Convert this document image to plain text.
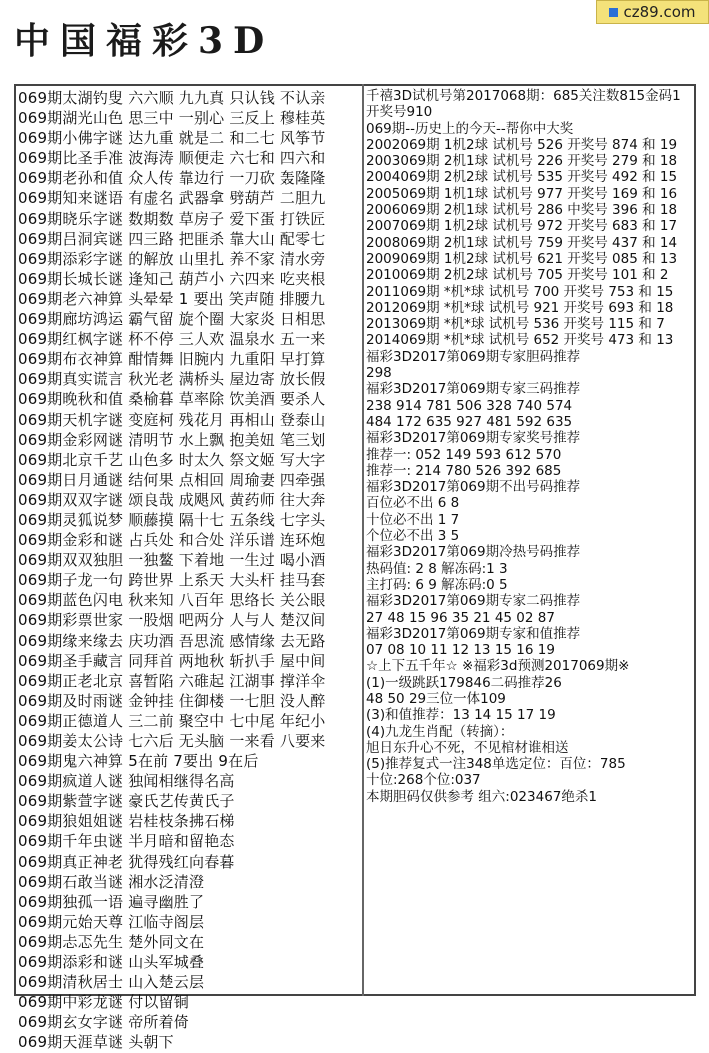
cz89.com
中国福彩3D
069期太湖钓叟 六六顺 九九真 只认钱 不认亲
069期湖光山色 思三中 一别心 三反上 穆桂英
069期小佛字谜 达九重 就是二 和二七 风筝节
069期比圣手准 波海涛 顺便走 六七和 四六和
069期老孙和值 众人传 靠边行 一刀砍 轰隆隆
069期知来谜语 有虚名 武器拿 劈葫芦 二胆九
069期晓乐字谜 数期数 草房子 爱下蛋 打铁匠
069期吕洞宾谜 四三路 把匪杀 靠大山 配零七
069期添彩字谜 的解放 山里扎 养不家 清水旁
069期长城长谜 逢知己 葫芦小 六四来 吃夹根
069期老六神算 头晕晕 1 要出 笑声随 排腰九
069期廊坊鸿运 霸气留 旋个圈 大家炎 日相思
069期红枫字谜 杯不停 三人欢 温泉水 五一来
069期布衣神算 酣情舞 旧腕内 九重阳 早打算
069期真实谎言 秋光老 满桥头 屋边寄 放长假
069期晚秋和值 桑榆暮 草率除 饮美酒 要杀人
069期天机字谜 变庭柯 残花月 再相山 登泰山
069期金彩网谜 清明节 水上飘 抱美妞 笔三划
069期北京千艺 山色多 时太久 祭文姬 写大字
069期日月通谜 结何果 点相回 周瑜妻 四牵强
069期双双字谜 颂良哉 成飓风 黄药师 往大奔
069期灵狐说梦 顺藤摸 隔十七 五条线 七字头
069期金彩和谜 占兵处 和合处 洋乐谱 连环炮
069期双双独胆 一独鳌 下着地 一生过 喝小酒
069期子龙一句 跨世界 上系天 大头杆 挂马套
069期蓝色闪电 秋来知 八百年 思络长 关公眼
069期彩票世家 一股烟 吧两分 人与人 楚汉间
069期缘来缘去 庆功酒 吾思流 感情缘 去无路
069期圣手藏言 同拜首 两地秋 斩扒手 屋中间
069期正老北京 喜暂陷 六碓起 江湖事 撑洋伞
069期及时雨谜 金钟挂 住御楼 一七胆 没人醉
069期正德道人 三二前 聚空中 七中尾 年纪小
069期姜太公诗 七六后 无头脑 一来看 八要来
069期鬼六神算 5在前 7要出 9在后
069期疯道人谜 独闻相继得名高
069期紫萱字谜 豪氏艺传黄氏子
069期狼姐姐谜 岩桂枝条拂石梯
069期千年虫谜 半月暗和留艳态
069期真正神老 犹得残红向春暮
069期石敢当谜 湘水泛清澄
069期独孤一语 遍寻幽胜了
069期元始天尊 江临寺阁层
069期忐忑先生 楚外同文在
069期添彩和谜 山头军城叠
069期清秋居士 山入楚云层
069期中彩龙谜 付以留铜
069期玄女字谜 帝所着倚
069期天涯草谜 头朝下
千禧3D试机号第2017068期：685关注数815金码1
开奖号910
069期--历史上的今天--帮你中大奖
2002069期 1机2球 试机号 526 开奖号 874 和 19
2003069期 2机1球 试机号 226 开奖号 279 和 18
2004069期 2机2球 试机号 535 开奖号 492 和 15
2005069期 1机1球 试机号 977 开奖号 169 和 16
2006069期 2机1球 试机号 286 中奖号 396 和 18
2007069期 1机2球 试机号 972 开奖号 683 和 17
2008069期 2机1球 试机号 759 开奖号 437 和 14
2009069期 1机2球 试机号 621 开奖号 085 和 13
2010069期 2机2球 试机号 705 开奖号 101 和 2
2011069期 *机*球 试机号 700 开奖号 753 和 15
2012069期 *机*球 试机号 921 开奖号 693 和 18
2013069期 *机*球 试机号 536 开奖号 115 和 7
2014069期 *机*球 试机号 652 开奖号 473 和 13
福彩3D2017第069期专家胆码推荐
298
福彩3D2017第069期专家三码推荐
238 914 781 506 328 740 574
484 172 635 927 481 592 635
福彩3D2017第069期专家奖号推荐
推荐一: 052 149 593 612 570
推荐一: 214 780 526 392 685
福彩3D2017第069期不出号码推荐
百位必不出 6 8
十位必不出 1 7
个位必不出 3 5
福彩3D2017第069期冷热号码推荐
热码值: 2 8 解冻码:1 3
主打码: 6 9 解冻码:0 5
福彩3D2017第069期专家二码推荐
27 48 15 96 35 21 45 02 87
福彩3D2017第069期专家和值推荐
07 08 10 11 12 13 15 16 19
☆上下五千年☆ ※福彩3d预测2017069期※
(1)一级跳跃179846二码推荐26
48 50 29三位一体109
(3)和值推荐：13 14 15 17 19
(4)九龙生肖配（转摘）：
旭日东升心不死，不见棺材谁相送
(5)推荐复式一注348单选定位：百位：785
十位:268个位:037
本期胆码仅供参考 组六:023467绝杀1
